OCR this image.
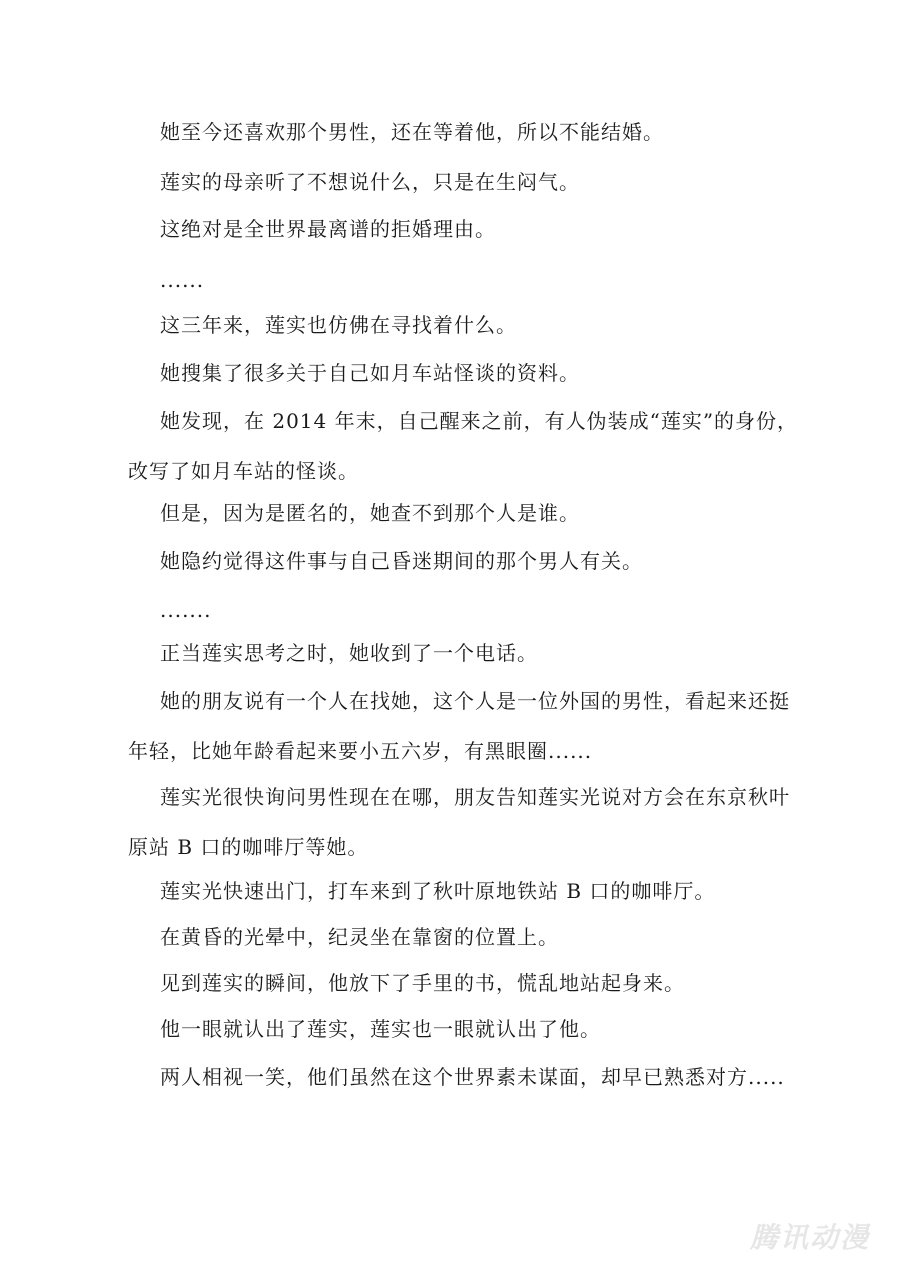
她至今还喜欢那个男性，还在等着他，所以不能结婚。
莲实的母亲听了不想说什么，只是在生闷气。
这绝对是全世界最离谱的拒婚理由。
......
这三年来，莲实也仿佛在寻找着什么。
她搜集了很多关于自己如月车站怪谈的资料。
她发现，在 2014 年末，自己醒来之前，有人伪装成“莲实”的身份，改写了如月车站的怪谈。
但是，因为是匿名的，她查不到那个人是谁。
她隐约觉得这件事与自己昏迷期间的那个男人有关。
.......
正当莲实思考之时，她收到了一个电话。
她的朋友说有一个人在找她，这个人是一位外国的男性，看起来还挺年轻，比她年龄看起来要小五六岁，有黑眼圈......
莲实光很快询问男性现在在哪，朋友告知莲实光说对方会在东京秋叶原站 B 口的咖啡厅等她。
莲实光快速出门，打车来到了秋叶原地铁站 B 口的咖啡厅。
在黄昏的光晕中，纪灵坐在靠窗的位置上。
见到莲实的瞬间，他放下了手里的书，慌乱地站起身来。
他一眼就认出了莲实，莲实也一眼就认出了他。
两人相视一笑，他们虽然在这个世界素未谋面，却早已熟悉对方.....
腾讯动漫
